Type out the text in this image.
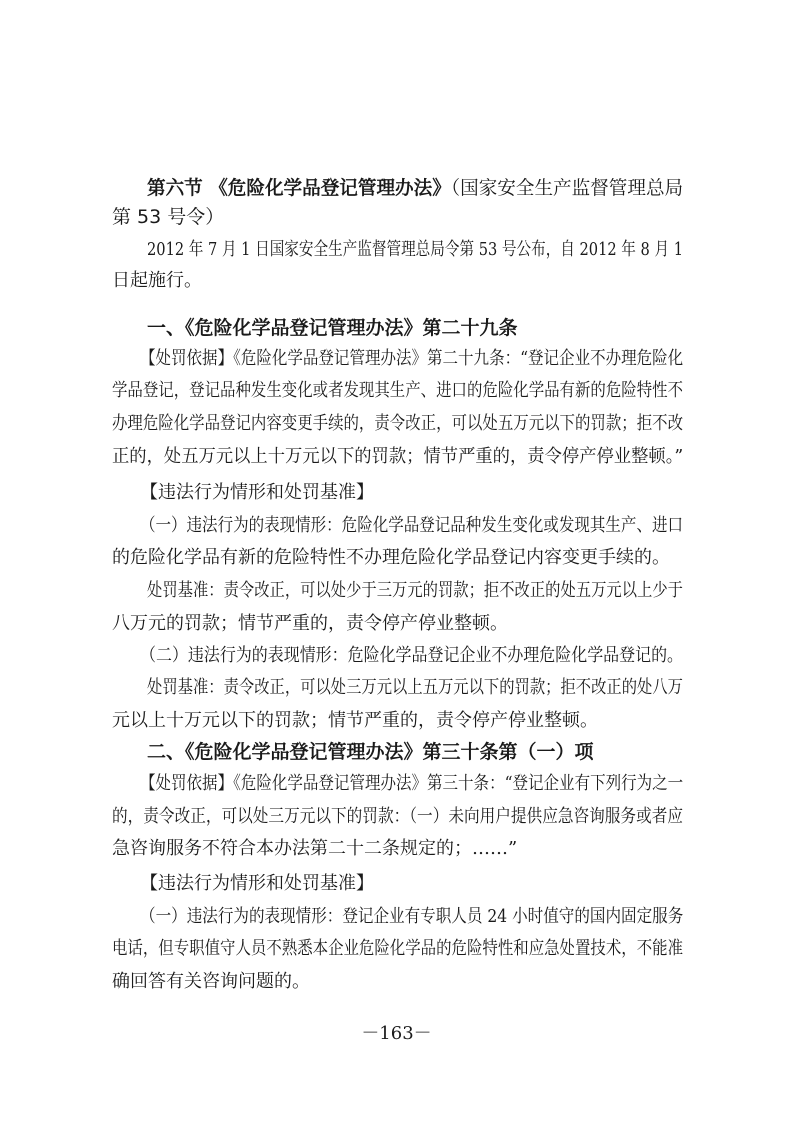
第六节 《危险化学品登记管理办法》（国家安全生产监督管理总局
第 53 号令）
2012 年 7 月 1 日国家安全生产监督管理总局令第 53 号公布，自 2012 年 8 月 1
日起施行。
一、《危险化学品登记管理办法》第二十九条
【处罚依据】《危险化学品登记管理办法》第二十九条：“登记企业不办理危险化
学品登记，登记品种发生变化或者发现其生产、进口的危险化学品有新的危险特性不
办理危险化学品登记内容变更手续的，责令改正，可以处五万元以下的罚款；拒不改
正的，处五万元以上十万元以下的罚款；情节严重的，责令停产停业整顿。”
【违法行为情形和处罚基准】
（一）违法行为的表现情形：危险化学品登记品种发生变化或发现其生产、进口
的危险化学品有新的危险特性不办理危险化学品登记内容变更手续的。
处罚基准：责令改正，可以处少于三万元的罚款；拒不改正的处五万元以上少于
八万元的罚款；情节严重的，责令停产停业整顿。
（二）违法行为的表现情形：危险化学品登记企业不办理危险化学品登记的。
处罚基准：责令改正，可以处三万元以上五万元以下的罚款；拒不改正的处八万
元以上十万元以下的罚款；情节严重的，责令停产停业整顿。
二、《危险化学品登记管理办法》第三十条第（一）项
【处罚依据】《危险化学品登记管理办法》第三十条：“登记企业有下列行为之一
的，责令改正，可以处三万元以下的罚款：（一）未向用户提供应急咨询服务或者应
急咨询服务不符合本办法第二十二条规定的；……”
【违法行为情形和处罚基准】
（一）违法行为的表现情形：登记企业有专职人员 24 小时值守的国内固定服务
电话，但专职值守人员不熟悉本企业危险化学品的危险特性和应急处置技术，不能准
确回答有关咨询问题的。
－163－
